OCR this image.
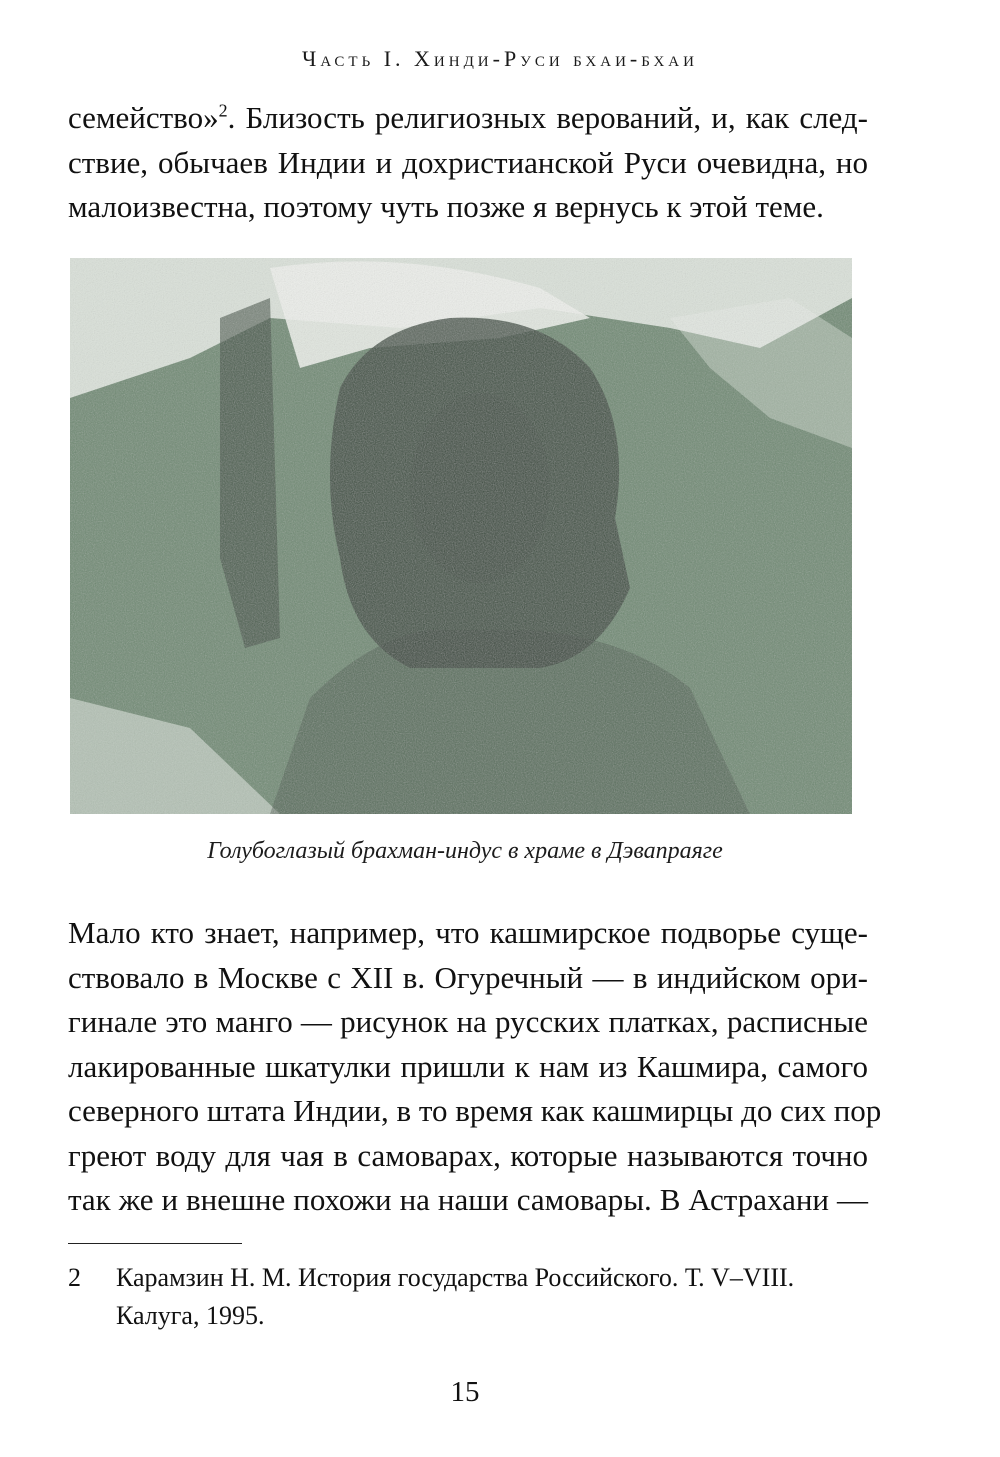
Часть I. Хинди-Руси бхаи-бхаи
семейство»$^2$. Близость религиозных верований, и, как след-
ствие, обычаев Индии и дохристианской Руси очевидна, но
малоизвестна, поэтому чуть позже я вернусь к этой теме.
Голубоглазый брахман-индус в храме в Дэвапраяге
Мало кто знает, например, что кашмирское подворье суще-
ствовало в Москве с XII в. Огуречный — в индийском ори-
гинале это манго — рисунок на русских платках, расписные
лакированные шкатулки пришли к нам из Кашмира, самого
северного штата Индии, в то время как кашмирцы до сих пор
греют воду для чая в самоварах, которые называются точно
так же и внешне похожи на наши самовары. В Астрахани —
2 Карамзин Н. М. История государства Российского. Т. V–VIII.
Калуга, 1995.
15
